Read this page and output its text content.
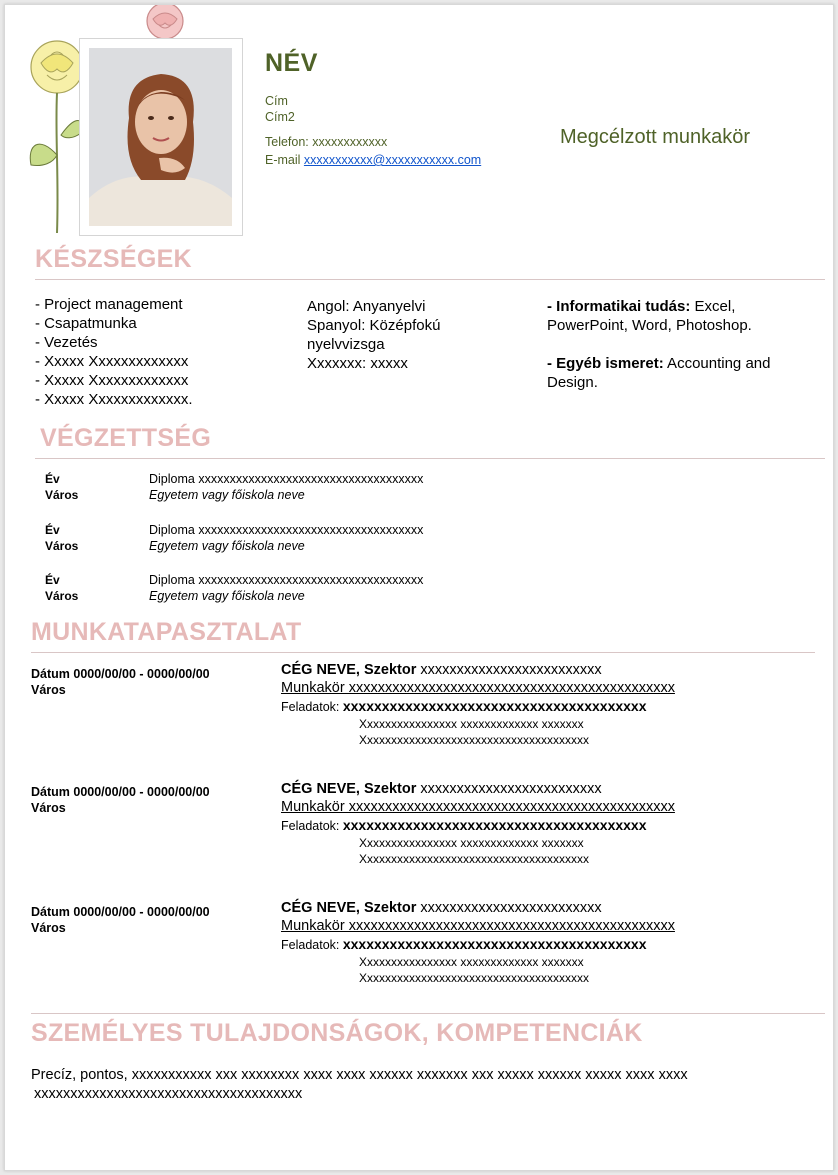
NÉV
Cím
Cím2
Telefon: xxxxxxxxxxxx
E-mail xxxxxxxxxxx@xxxxxxxxxxx.com
Megcélzott munkakör
KÉSZSÉGEK
- Project management
- Csapatmunka
- Vezetés
- Xxxxx Xxxxxxxxxxxxx
- Xxxxx Xxxxxxxxxxxxx
- Xxxxx Xxxxxxxxxxxxx.
Angol: Anyanyelvi
Spanyol: Középfokú
nyelvvizsga
Xxxxxxx: xxxxx
- Informatikai tudás: Excel,
PowerPoint, Word, Photoshop.
- Egyéb ismeret: Accounting and
Design.
VÉGZETTSÉG
Év
Város
Diploma xxxxxxxxxxxxxxxxxxxxxxxxxxxxxxxxxxxx
Egyetem vagy főiskola neve
Év
Város
Diploma xxxxxxxxxxxxxxxxxxxxxxxxxxxxxxxxxxxx
Egyetem vagy főiskola neve
Év
Város
Diploma xxxxxxxxxxxxxxxxxxxxxxxxxxxxxxxxxxxx
Egyetem vagy főiskola neve
MUNKATAPASZTALAT
Dátum 0000/00/00 - 0000/00/00
Város
CÉG NEVE, Szektor xxxxxxxxxxxxxxxxxxxxxxxxx
Munkakör xxxxxxxxxxxxxxxxxxxxxxxxxxxxxxxxxxxxxxxxxxxxx
Feladatok: xxxxxxxxxxxxxxxxxxxxxxxxxxxxxxxxxxxxxxx
Xxxxxxxxxxxxxxxx xxxxxxxxxxxxx xxxxxxx
Xxxxxxxxxxxxxxxxxxxxxxxxxxxxxxxxxxxxxx
Dátum 0000/00/00 - 0000/00/00
Város
CÉG NEVE, Szektor xxxxxxxxxxxxxxxxxxxxxxxxx
Munkakör xxxxxxxxxxxxxxxxxxxxxxxxxxxxxxxxxxxxxxxxxxxxx
Feladatok: xxxxxxxxxxxxxxxxxxxxxxxxxxxxxxxxxxxxxxx
Xxxxxxxxxxxxxxxx xxxxxxxxxxxxx xxxxxxx
Xxxxxxxxxxxxxxxxxxxxxxxxxxxxxxxxxxxxxx
Dátum 0000/00/00 - 0000/00/00
Város
CÉG NEVE, Szektor xxxxxxxxxxxxxxxxxxxxxxxxx
Munkakör xxxxxxxxxxxxxxxxxxxxxxxxxxxxxxxxxxxxxxxxxxxxx
Feladatok: xxxxxxxxxxxxxxxxxxxxxxxxxxxxxxxxxxxxxxx
Xxxxxxxxxxxxxxxx xxxxxxxxxxxxx xxxxxxx
Xxxxxxxxxxxxxxxxxxxxxxxxxxxxxxxxxxxxxx
SZEMÉLYES TULAJDONSÁGOK, KOMPETENCIÁK
Precíz, pontos, xxxxxxxxxxx xxx xxxxxxxx xxxx xxxx xxxxxx xxxxxxx xxx xxxxx xxxxxx xxxxx xxxx xxxx
xxxxxxxxxxxxxxxxxxxxxxxxxxxxxxxxxxxxx
